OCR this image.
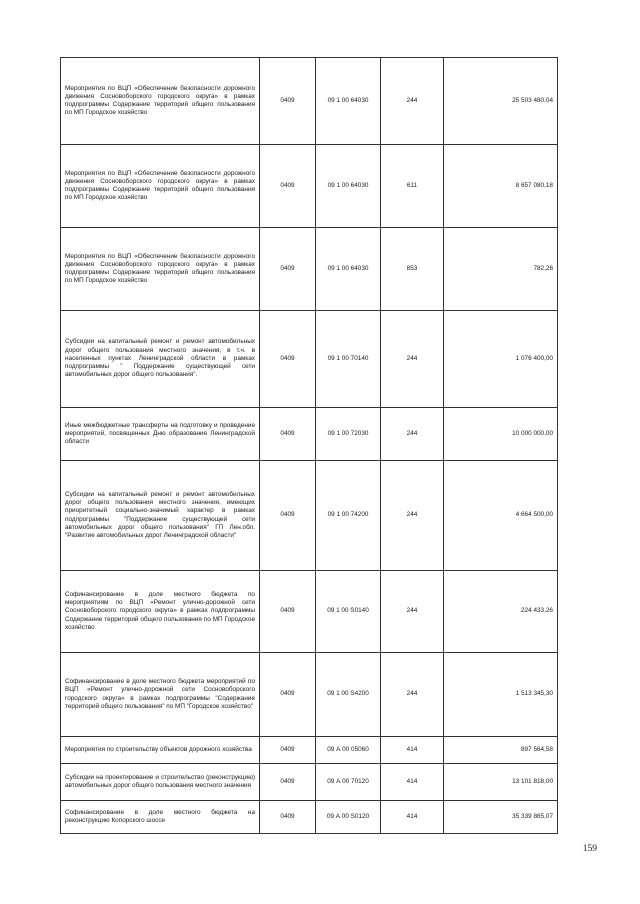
Мероприятия по ВЦП «Обеспечение безопасности дорожного движения Сосновоборского городского округа» в рамках подпрограммы Содержание территорий общего пользования по МП Городское хозяйство	0409	09 1 00 64030	244	25 503 480,04
Мероприятия по ВЦП «Обеспечение безопасности дорожного движения Сосновоборского городского округа» в рамках подпрограммы Содержание территорий общего пользования по МП Городское хозяйство	0409	09 1 00 64030	611	8 657 080,18
Мероприятия по ВЦП «Обеспечение безопасности дорожного движения Сосновоборского городского округа» в рамках подпрограммы Содержание территорий общего пользования по МП Городское хозяйство	0409	09 1 00 64030	853	782,26
Субсидии на капитальный ремонт и ремонт автомобильных дорог общего пользования местного значения, в т.ч. в населенных пунктах Ленинградской области в рамках подпрограммы " Поддержание существующей сети автомобильных дорог общего пользования".	0409	09 1 00 70140	244	1 076 400,00
Иные межбюджетные трансферты на подготовку и проведение мероприятий, посвященных Дню образования Ленинградской области	0409	09 1 00 72030	244	10 000 000,00
Субсидии на капитальный ремонт и ремонт автомобильных дорог общего пользования местного значения, имеющих приоритетный социально-значимый характер в рамках подпрограммы "Поддержание существующей сети автомобильных дорог общего пользования" ГП Лен.обл. "Развитие автомобильных дорог Ленинградской области"	0409	09 1 00 74200	244	4 664 500,00
Софинансирование в доле местного бюджета по мероприятиям по ВЦП «Ремонт улично-дорожной сети Сосновоборского городского округа» в рамках подпрограммы Содержание территорий общего пользования по МП Городское хозяйство	0409	09 1 00 S0140	244	224 433,26
Софинансирование в доле местного бюджета мероприятий по ВЦП «Ремонт улично-дорожной сети Сосновоборского городского округа» в рамках подпрограммы "Содержание территорий общего пользования" по МП "Городское хозяйство"	0409	09 1 00 S4200	244	1 513 345,30
Мероприятия по строительству объектов дорожного хозяйства	0409	09 А 00 05060	414	897 564,58
Субсидии на проектирование и строительство (реконструкцию) автомобильных дорог общего пользования местного значения	0409	09 А 00 70120	414	13 101 818,00
Софинансирование в доле местного бюджета на реконструкцию Копорского шоссе	0409	09 А 00 S0120	414	35 339 865,07
159
